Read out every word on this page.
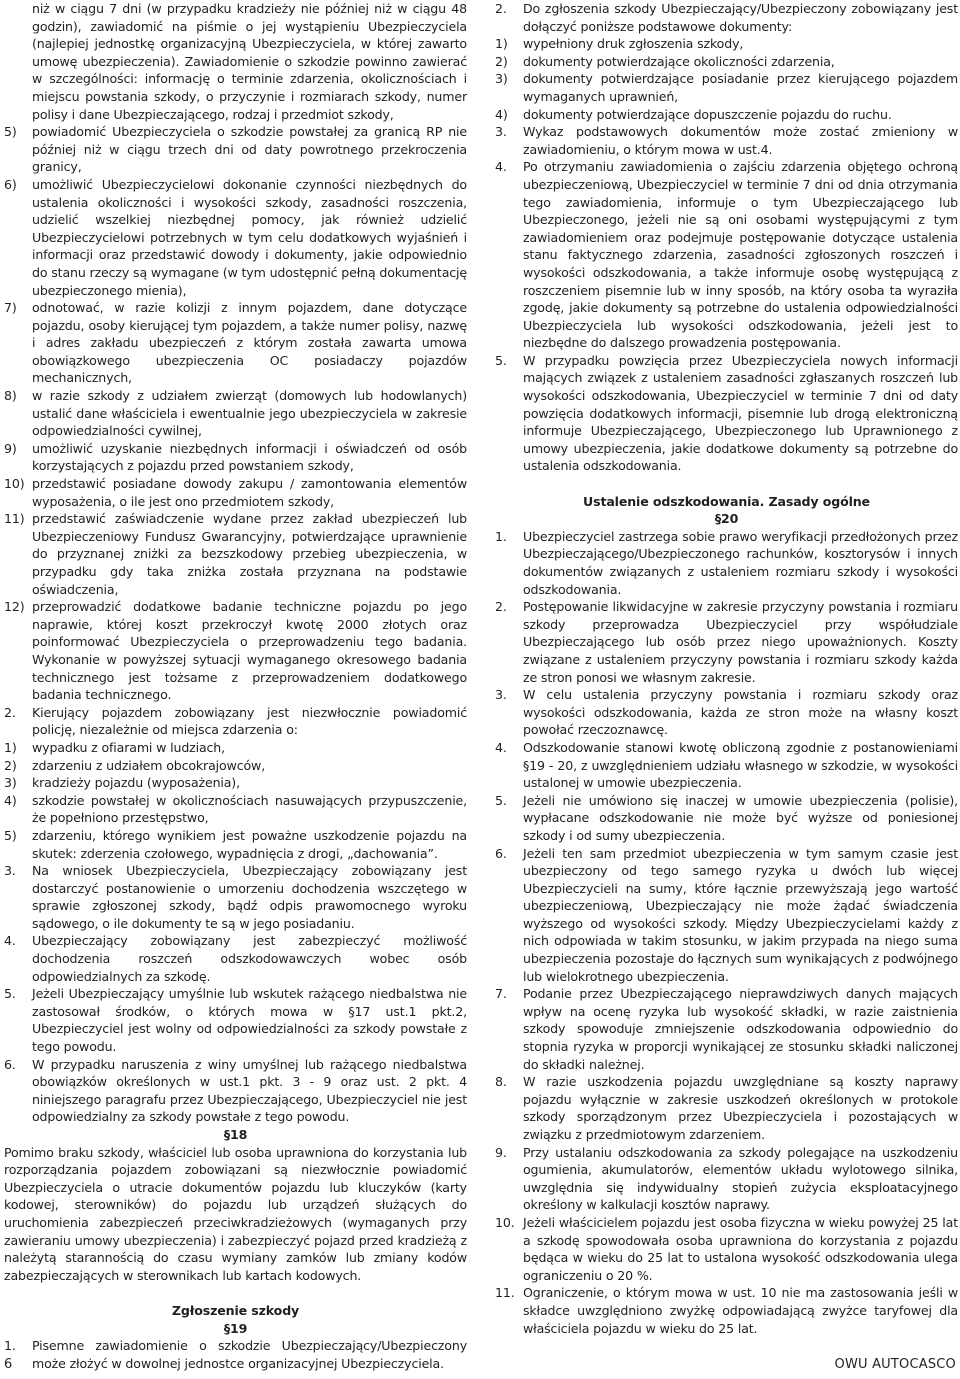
niż w ciągu 7 dni (w przypadku kradzieży nie później niż w ciągu 48 godzin), zawiadomić na piśmie o jej wystąpieniu Ubezpieczyciela (najlepiej jednostkę organizacyjną Ubezpieczyciela, w której zawarto umowę ubezpieczenia). Zawiadomienie o szkodzie powinno zawierać w szczególności: informację o terminie zdarzenia, okolicznościach i miejscu powstania szkody, o przyczynie i rozmiarach szkody, numer polisy i dane Ubezpieczającego, rodzaj i przedmiot szkody,
5) powiadomić Ubezpieczyciela o szkodzie powstałej za granicą RP nie później niż w ciągu trzech dni od daty powrotnego przekroczenia granicy,
6) umożliwić Ubezpieczycielowi dokonanie czynności niezbędnych do ustalenia okoliczności i wysokości szkody, zasadności roszczenia, udzielić wszelkiej niezbędnej pomocy, jak również udzielić Ubezpieczycielowi potrzebnych w tym celu dodatkowych wyjaśnień i informacji oraz przedstawić dowody i dokumenty, jakie odpowiednio do stanu rzeczy są wymagane (w tym udostępnić pełną dokumentację ubezpieczonego mienia),
7) odnotować, w razie kolizji z innym pojazdem, dane dotyczące pojazdu, osoby kierującej tym pojazdem, a także numer polisy, nazwę i adres zakładu ubezpieczeń z którym została zawarta umowa obowiązkowego ubezpieczenia OC posiadaczy pojazdów mechanicznych,
8) w razie szkody z udziałem zwierząt (domowych lub hodowlanych) ustalić dane właściciela i ewentualnie jego ubezpieczyciela w zakresie odpowiedzialności cywilnej,
9) umożliwić uzyskanie niezbędnych informacji i oświadczeń od osób korzystających z pojazdu przed powstaniem szkody,
10) przedstawić posiadane dowody zakupu / zamontowania elementów wyposażenia, o ile jest ono przedmiotem szkody,
11) przedstawić zaświadczenie wydane przez zakład ubezpieczeń lub Ubezpieczeniowy Fundusz Gwarancyjny, potwierdzające uprawnienie do przyznanej zniżki za bezszkodowy przebieg ubezpieczenia, w przypadku gdy taka zniżka została przyznana na podstawie oświadczenia,
12) przeprowadzić dodatkowe badanie techniczne pojazdu po jego naprawie, której koszt przekroczył kwotę 2000 złotych oraz poinformować Ubezpieczyciela o przeprowadzeniu tego badania. Wykonanie w powyższej sytuacji wymaganego okresowego badania technicznego jest tożsame z przeprowadzeniem dodatkowego badania technicznego.
2. Kierujący pojazdem zobowiązany jest niezwłocznie powiadomić policję, niezależnie od miejsca zdarzenia o:
1) wypadku z ofiarami w ludziach,
2) zdarzeniu z udziałem obcokrajowców,
3) kradzieży pojazdu (wyposażenia),
4) szkodzie powstałej w okolicznościach nasuwających przypuszczenie, że popełniono przestępstwo,
5) zdarzeniu, którego wynikiem jest poważne uszkodzenie pojazdu na skutek: zderzenia czołowego, wypadnięcia z drogi, „dachowania”.
3. Na wniosek Ubezpieczyciela, Ubezpieczający zobowiązany jest dostarczyć postanowienie o umorzeniu dochodzenia wszczętego w sprawie zgłoszonej szkody, bądź odpis prawomocnego wyroku sądowego, o ile dokumenty te są w jego posiadaniu.
4. Ubezpieczający zobowiązany jest zabezpieczyć możliwość dochodzenia roszczeń odszkodowawczych wobec osób odpowiedzialnych za szkodę.
5. Jeżeli Ubezpieczający umyślnie lub wskutek rażącego niedbalstwa nie zastosował środków, o których mowa w §17 ust.1 pkt.2, Ubezpieczyciel jest wolny od odpowiedzialności za szkody powstałe z tego powodu.
6. W przypadku naruszenia z winy umyślnej lub rażącego niedbalstwa obowiązków określonych w ust.1 pkt. 3 - 9 oraz ust. 2 pkt. 4 niniejszego paragrafu przez Ubezpieczającego, Ubezpieczyciel nie jest odpowiedzialny za szkody powstałe z tego powodu.
§18
Pomimo braku szkody, właściciel lub osoba uprawniona do korzystania lub rozporządzania pojazdem zobowiązani są niezwłocznie powiadomić Ubezpieczyciela o utracie dokumentów pojazdu lub kluczyków (karty kodowej, sterowników) do pojazdu lub urządzeń służących do uruchomienia zabezpieczeń przeciwkradzieżowych (wymaganych przy zawieraniu umowy ubezpieczenia) i zabezpieczyć pojazd przed kradzieżą z należytą starannością do czasu wymiany zamków lub zmiany kodów zabezpieczających w sterownikach lub kartach kodowych.
Zgłoszenie szkody
§19
1. Pisemne zawiadomienie o szkodzie Ubezpieczający/Ubezpieczony może złożyć w dowolnej jednostce organizacyjnej Ubezpieczyciela.
2. Do zgłoszenia szkody Ubezpieczający/Ubezpieczony zobowiązany jest dołączyć poniższe podstawowe dokumenty:
1) wypełniony druk zgłoszenia szkody,
2) dokumenty potwierdzające okoliczności zdarzenia,
3) dokumenty potwierdzające posiadanie przez kierującego pojazdem wymaganych uprawnień,
4) dokumenty potwierdzające dopuszczenie pojazdu do ruchu.
3. Wykaz podstawowych dokumentów może zostać zmieniony w zawiadomieniu, o którym mowa w ust.4.
4. Po otrzymaniu zawiadomienia o zajściu zdarzenia objętego ochroną ubezpieczeniową, Ubezpieczyciel w terminie 7 dni od dnia otrzymania tego zawiadomienia, informuje o tym Ubezpieczającego lub Ubezpieczonego, jeżeli nie są oni osobami występującymi z tym zawiadomieniem oraz podejmuje postępowanie dotyczące ustalenia stanu faktycznego zdarzenia, zasadności zgłoszonych roszczeń i wysokości odszkodowania, a także informuje osobę występującą z roszczeniem pisemnie lub w inny sposób, na który osoba ta wyraziła zgodę, jakie dokumenty są potrzebne do ustalenia odpowiedzialności Ubezpieczyciela lub wysokości odszkodowania, jeżeli jest to niezbędne do dalszego prowadzenia postępowania.
5. W przypadku powzięcia przez Ubezpieczyciela nowych informacji mających związek z ustaleniem zasadności zgłaszanych roszczeń lub wysokości odszkodowania, Ubezpieczyciel w terminie 7 dni od daty powzięcia dodatkowych informacji, pisemnie lub drogą elektroniczną informuje Ubezpieczającego, Ubezpieczonego lub Uprawnionego z umowy ubezpieczenia, jakie dodatkowe dokumenty są potrzebne do ustalenia odszkodowania.
Ustalenie odszkodowania. Zasady ogólne
§20
1. Ubezpieczyciel zastrzega sobie prawo weryfikacji przedłożonych przez Ubezpieczającego/Ubezpieczonego rachunków, kosztorysów i innych dokumentów związanych z ustaleniem rozmiaru szkody i wysokości odszkodowania.
2. Postępowanie likwidacyjne w zakresie przyczyny powstania i rozmiaru szkody przeprowadza Ubezpieczyciel przy współudziale Ubezpieczającego lub osób przez niego upoważnionych. Koszty związane z ustaleniem przyczyny powstania i rozmiaru szkody każda ze stron ponosi we własnym zakresie.
3. W celu ustalenia przyczyny powstania i rozmiaru szkody oraz wysokości odszkodowania, każda ze stron może na własny koszt powołać rzeczoznawcę.
4. Odszkodowanie stanowi kwotę obliczoną zgodnie z postanowieniami §19 - 20, z uwzględnieniem udziału własnego w szkodzie, w wysokości ustalonej w umowie ubezpieczenia.
5. Jeżeli nie umówiono się inaczej w umowie ubezpieczenia (polisie), wypłacane odszkodowanie nie może być wyższe od poniesionej szkody i od sumy ubezpieczenia.
6. Jeżeli ten sam przedmiot ubezpieczenia w tym samym czasie jest ubezpieczony od tego samego ryzyka u dwóch lub więcej Ubezpieczycieli na sumy, które łącznie przewyższają jego wartość ubezpieczeniową, Ubezpieczający nie może żądać świadczenia wyższego od wysokości szkody. Między Ubezpieczycielami każdy z nich odpowiada w takim stosunku, w jakim przypada na niego suma ubezpieczenia pozostaje do łącznych sum wynikających z podwójnego lub wielokrotnego ubezpieczenia.
7. Podanie przez Ubezpieczającego nieprawdziwych danych mających wpływ na ocenę ryzyka lub wysokość składki, w razie zaistnienia szkody spowoduje zmniejszenie odszkodowania odpowiednio do stopnia ryzyka w proporcji wynikającej ze stosunku składki naliczonej do składki należnej.
8. W razie uszkodzenia pojazdu uwzględniane są koszty naprawy pojazdu wyłącznie w zakresie uszkodzeń określonych w protokole szkody sporządzonym przez Ubezpieczyciela i pozostających w związku z przedmiotowym zdarzeniem.
9. Przy ustalaniu odszkodowania za szkody polegające na uszkodzeniu ogumienia, akumulatorów, elementów układu wylotowego silnika, uwzględnia się indywidualny stopień zużycia eksploatacyjnego określony w kalkulacji kosztów naprawy.
10. Jeżeli właścicielem pojazdu jest osoba fizyczna w wieku powyżej 25 lat a szkodę spowodowała osoba uprawniona do korzystania z pojazdu będąca w wieku do 25 lat to ustalona wysokość odszkodowania ulega ograniczeniu o 20 %.
11. Ograniczenie, o którym mowa w ust. 10 nie ma zastosowania jeśli w składce uwzględniono zwyżkę odpowiadającą zwyżce taryfowej dla właściciela pojazdu w wieku do 25 lat.
6	OWU AUTOCASCO
